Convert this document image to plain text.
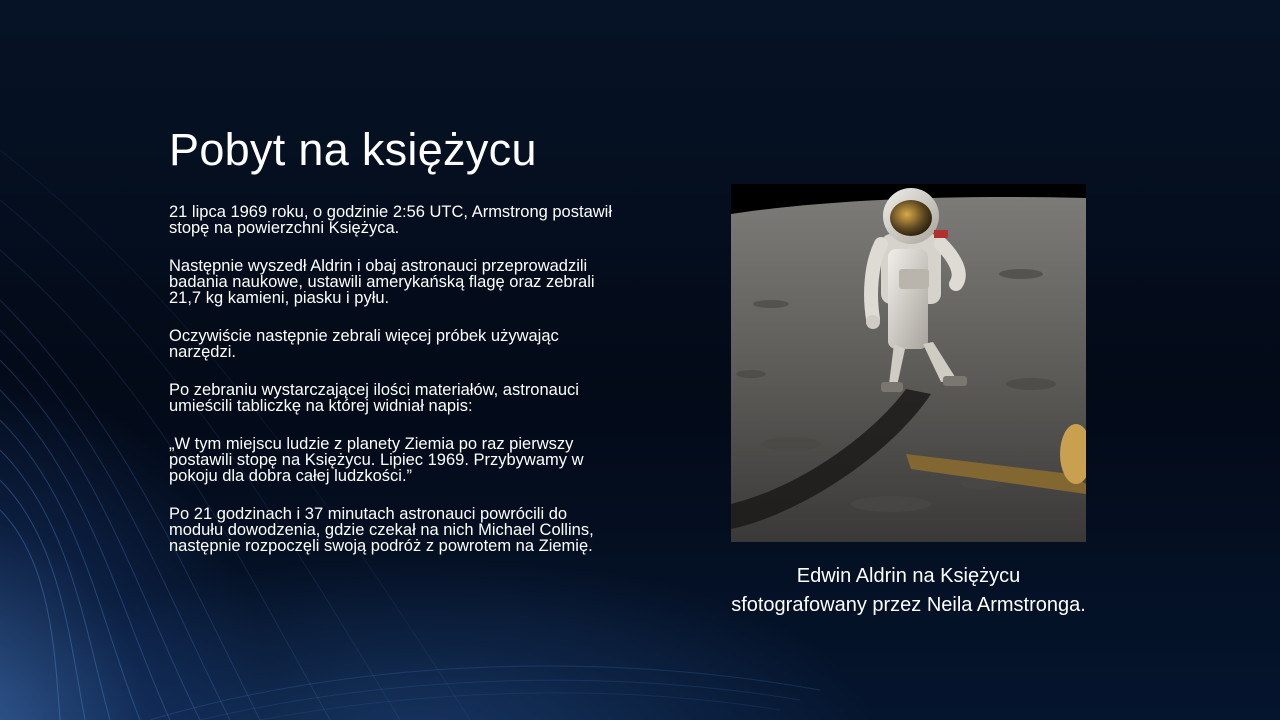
Pobyt na księżycu

21 lipca 1969 roku, o godzinie 2:56 UTC, Armstrong postawił stopę na powierzchni Księżyca.

Następnie wyszedł Aldrin i obaj astronauci przeprowadzili badania naukowe, ustawili amerykańską flagę oraz zebrali 21,7 kg kamieni, piasku i pyłu.

Oczywiście następnie zebrali więcej próbek używając narzędzi.

Po zebraniu wystarczającej ilości materiałów, astronauci umieścili tabliczkę na której widniał napis:

„W tym miejscu ludzie z planety Ziemia po raz pierwszy postawili stopę na Księżycu. Lipiec 1969. Przybywamy w pokoju dla dobra całej ludzkości.”

Po 21 godzinach i 37 minutach astronauci powrócili do modułu dowodzenia, gdzie czekał na nich Michael Collins, następnie rozpoczęli swoją podróż z powrotem na Ziemię.

Edwin Aldrin na Księżycu sfotografowany przez Neila Armstronga.
